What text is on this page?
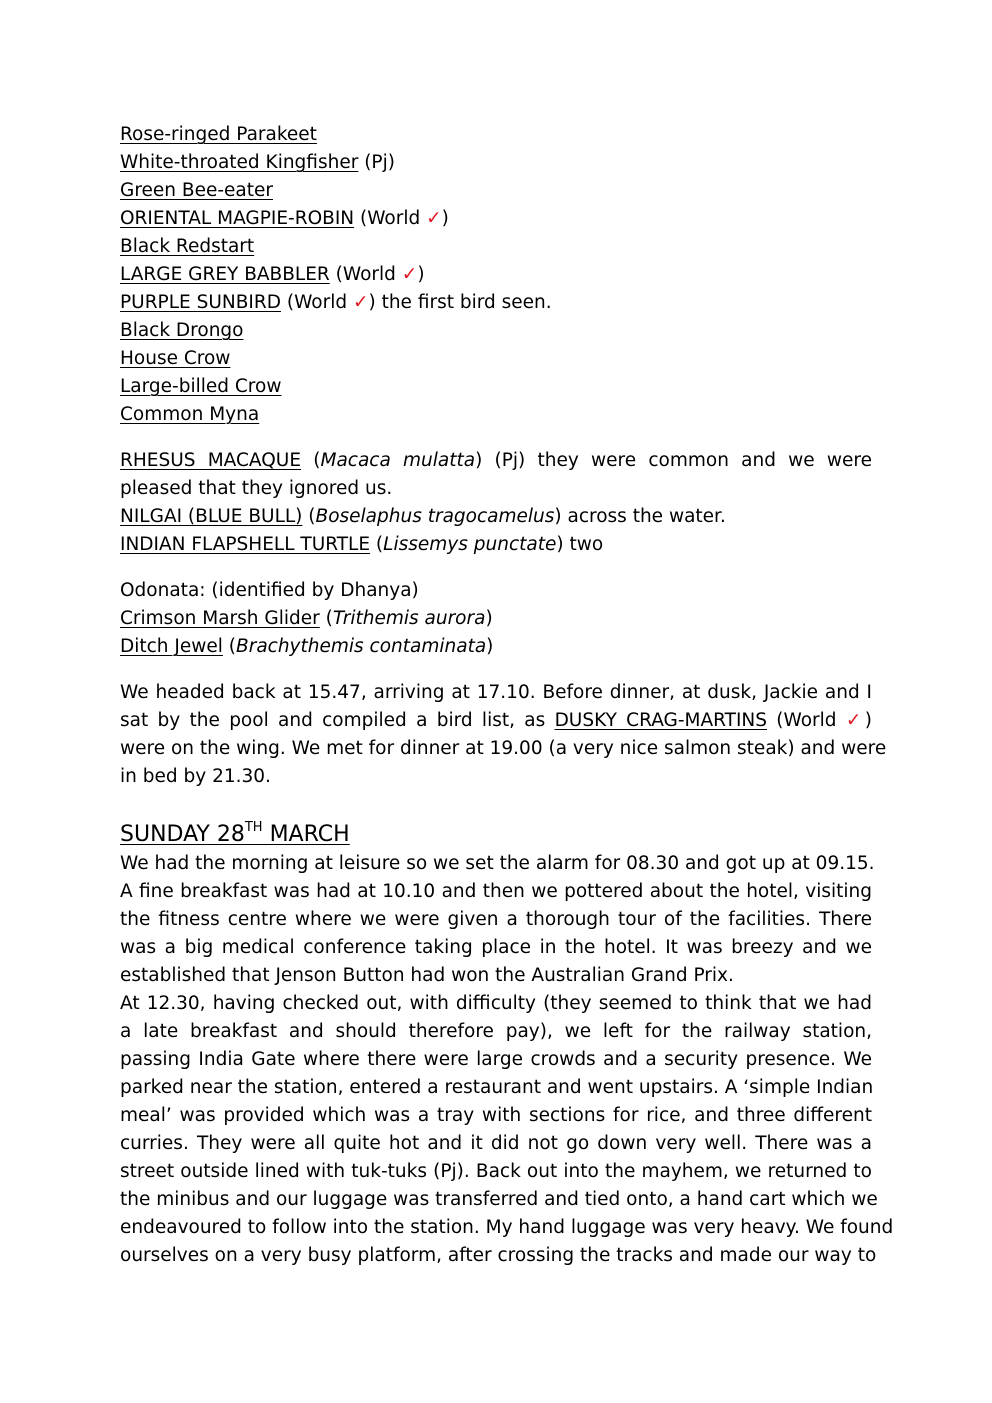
Rose-ringed Parakeet
White-throated Kingfisher (Pj)
Green Bee-eater
ORIENTAL MAGPIE-ROBIN (World ✓)
Black Redstart
LARGE GREY BABBLER (World ✓)
PURPLE SUNBIRD (World ✓) the first bird seen.
Black Drongo
House Crow
Large-billed Crow
Common Myna
RHESUS MACAQUE (Macaca mulatta) (Pj) they were common and we were
pleased that they ignored us.
NILGAI (BLUE BULL) (Boselaphus tragocamelus) across the water.
INDIAN FLAPSHELL TURTLE (Lissemys punctate) two
Odonata: (identified by Dhanya)
Crimson Marsh Glider (Trithemis aurora)
Ditch Jewel (Brachythemis contaminata)
We headed back at 15.47, arriving at 17.10. Before dinner, at dusk, Jackie and I
sat by the pool and compiled a bird list, as DUSKY CRAG-MARTINS (World ✓)
were on the wing. We met for dinner at 19.00 (a very nice salmon steak) and were
in bed by 21.30.
SUNDAY 28TH MARCH
We had the morning at leisure so we set the alarm for 08.30 and got up at 09.15.
A fine breakfast was had at 10.10 and then we pottered about the hotel, visiting
the fitness centre where we were given a thorough tour of the facilities. There
was a big medical conference taking place in the hotel. It was breezy and we
established that Jenson Button had won the Australian Grand Prix.
At 12.30, having checked out, with difficulty (they seemed to think that we had
a late breakfast and should therefore pay), we left for the railway station,
passing India Gate where there were large crowds and a security presence. We
parked near the station, entered a restaurant and went upstairs. A ‘simple Indian
meal’ was provided which was a tray with sections for rice, and three different
curries. They were all quite hot and it did not go down very well. There was a
street outside lined with tuk-tuks (Pj). Back out into the mayhem, we returned to
the minibus and our luggage was transferred and tied onto, a hand cart which we
endeavoured to follow into the station. My hand luggage was very heavy. We found
ourselves on a very busy platform, after crossing the tracks and made our way to
